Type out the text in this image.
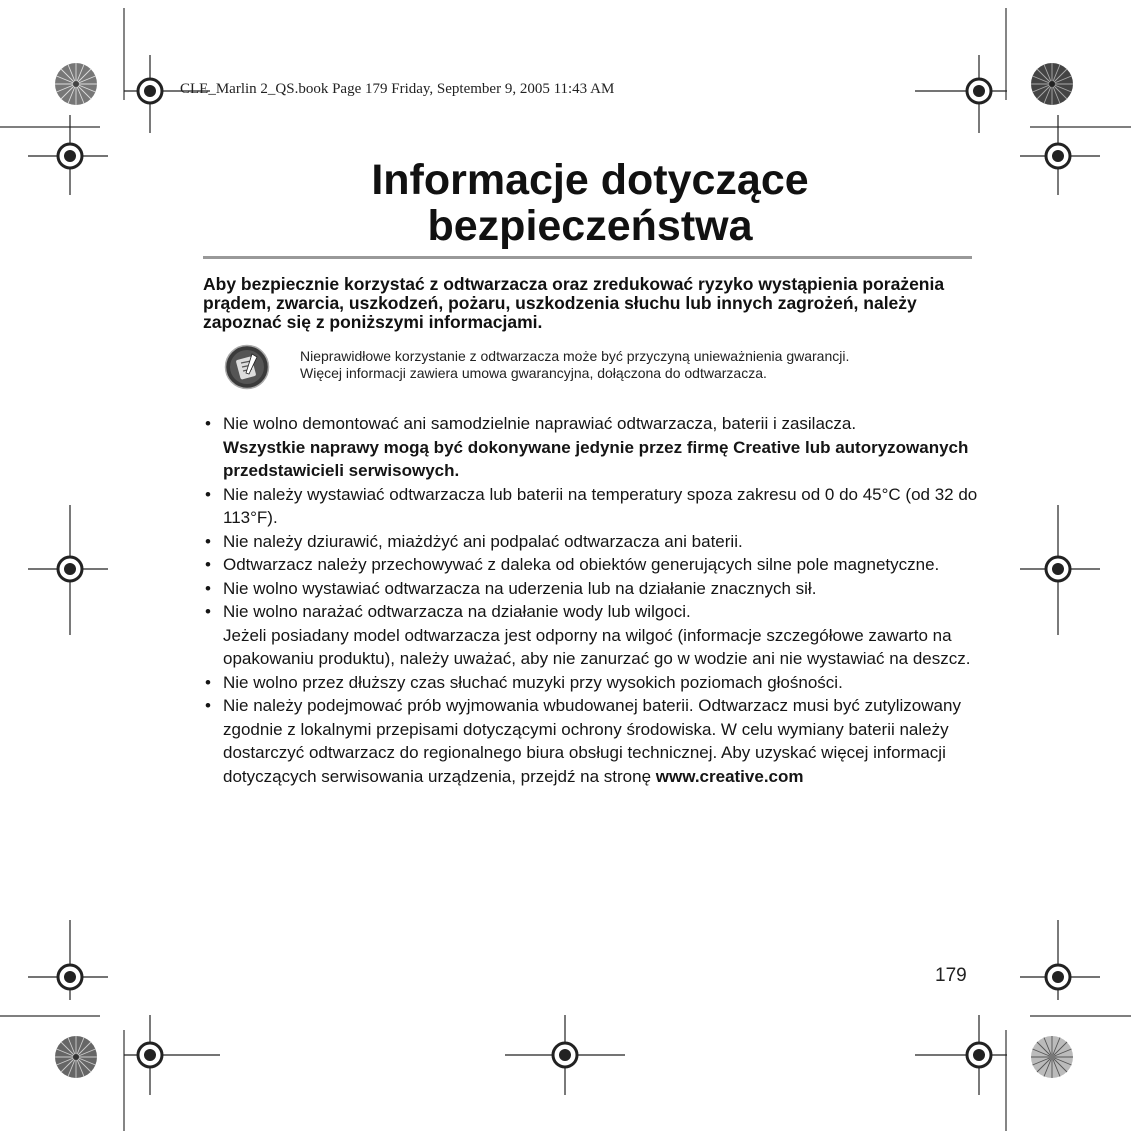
CLE_Marlin 2_QS.book Page 179 Friday, September 9, 2005 11:43 AM
Informacje dotyczące
bezpieczeństwa

Aby bezpiecznie korzystać z odtwarzacza oraz zredukować ryzyko wystąpienia porażenia prądem, zwarcia, uszkodzeń, pożaru, uszkodzenia słuchu lub innych zagrożeń, należy zapoznać się z poniższymi informacjami.

Nieprawidłowe korzystanie z odtwarzacza może być przyczyną unieważnienia gwarancji.
Więcej informacji zawiera umowa gwarancyjna, dołączona do odtwarzacza.
• Nie wolno demontować ani samodzielnie naprawiać odtwarzacza, baterii i zasilacza.

Wszystkie naprawy mogą być dokonywane jedynie przez firmę Creative lub autoryzowanych przedstawicieli serwisowych.

• Nie należy wystawiać odtwarzacza lub baterii na temperatury spoza zakresu od 0 do 45°C (od 32 do 113°F).

• Nie należy dziurawić, miażdżyć ani podpalać odtwarzacza ani baterii.

• Odtwarzacz należy przechowywać z daleka od obiektów generujących silne pole magnetyczne.

• Nie wolno wystawiać odtwarzacza na uderzenia lub na działanie znacznych sił.

• Nie wolno narażać odtwarzacza na działanie wody lub wilgoci.

Jeżeli posiadany model odtwarzacza jest odporny na wilgoć (informacje szczegółowe zawarto na opakowaniu produktu), należy uważać, aby nie zanurzać go w wodzie ani nie wystawiać na deszcz.

• Nie wolno przez dłuższy czas słuchać muzyki przy wysokich poziomach głośności.

• Nie należy podejmować prób wyjmowania wbudowanej baterii. Odtwarzacz musi być zutylizowany zgodnie z lokalnymi przepisami dotyczącymi ochrony środowiska. W celu wymiany baterii należy dostarczyć odtwarzacz do regionalnego biura obsługi technicznej. Aby uzyskać więcej informacji dotyczących serwisowania urządzenia, przejdź na stronę www.creative.com

179
